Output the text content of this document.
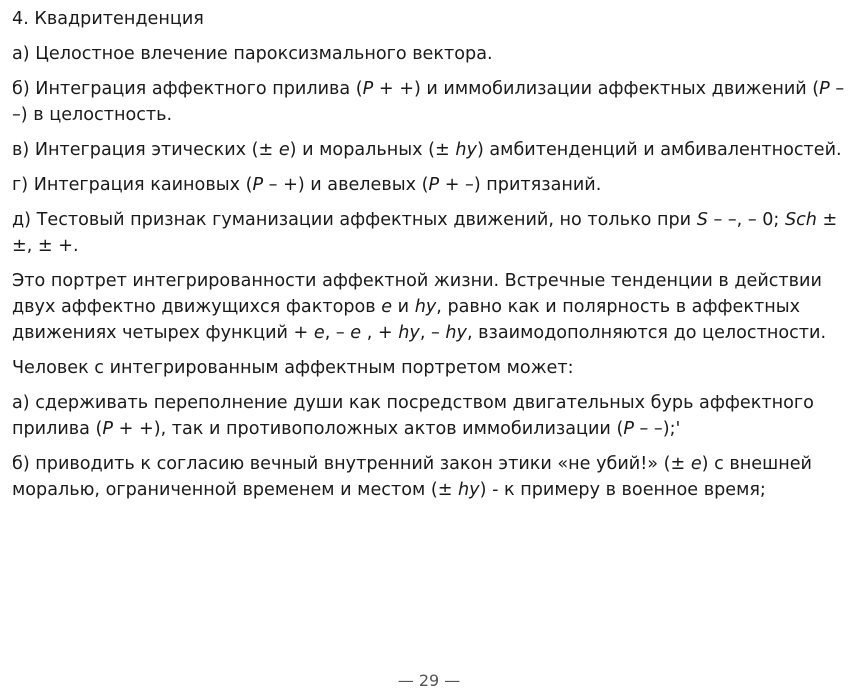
4. Квадритенденция

а) Целостное влечение пароксизмального вектора.

б) Интеграция аффектного прилива (P + +) и иммобилизации аффектных движений (P – –) в целостность.

в) Интеграция этических (± e) и моральных (± hy) амбитенденций и амбивалентностей.

г) Интеграция каиновых (P – +) и авелевых (P + –) притязаний.

д) Тестовый признак гуманизации аффектных движений, но только при S – –, – 0; Sch ± ±, ± +.

Это портрет интегрированности аффектной жизни. Встречные тенденции в действии двух аффектно движущихся факторов e и hy, равно как и полярность в аффектных движениях четырех функций + e, – e , + hy, – hy, взаимодополняются до целостности.

Человек с интегрированным аффектным портретом может:

а) сдерживать переполнение души как посредством двигательных бурь аффектного прилива (P + +), так и противоположных актов иммобилизации (P – –);'

б) приводить к согласию вечный внутренний закон этики «не убий!» (± e) с внешней моралью, ограниченной временем и местом (± hy) - к примеру в военное время;

— 29 —
